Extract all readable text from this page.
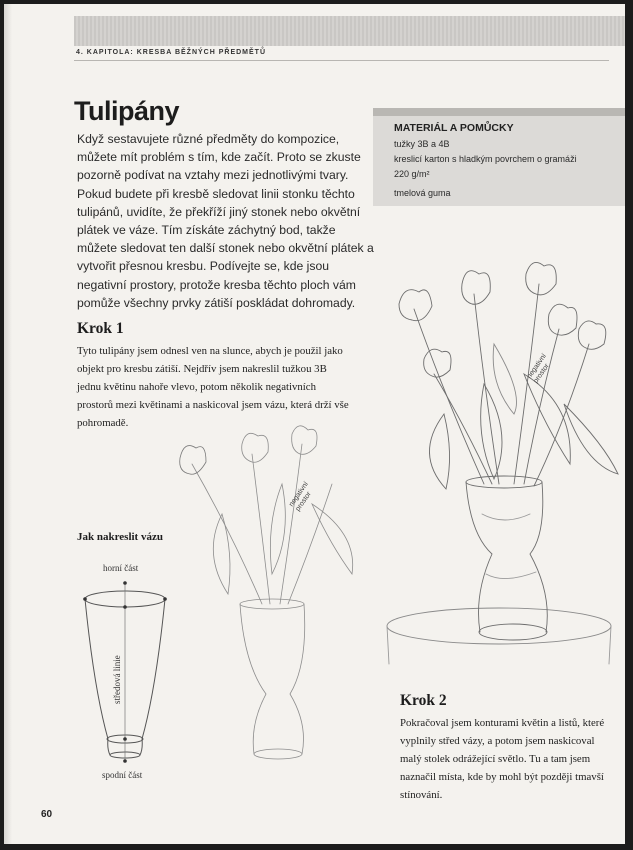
4. KAPITOLA: KRESBA BĚŽNÝCH PŘEDMĚTŮ
Tulipány

Když sestavujete různé předměty do kompozice, můžete mít problém s tím, kde začít. Proto se zkuste pozorně podívat na vztahy mezi jednotlivými tvary. Pokud budete při kresbě sledovat linii stonku těchto tulipánů, uvidíte, že překříží jiný stonek nebo okvětní plátek ve váze. Tím získáte záchytný bod, takže můžete sledovat ten další stonek nebo okvětní plátek a vytvořit přesnou kresbu. Podívejte se, kde jsou negativní prostory, protože kresba těchto ploch vám pomůže všechny prvky zátiší poskládat dohromady.

MATERIÁL A POMŮCKY
tužky 3B a 4B
kreslicí karton s hladkým povrchem o gramáži
220 g/m²
tmelová guma
negativní
prostor
negativní
prostor
Krok 1

Tyto tulipány jsem odnesl ven na slunce, abych je použil jako objekt pro kresbu zátiší. Nejdřív jsem nakreslil tužkou 3B jednu květinu nahoře vlevo, potom několik negativních prostorů mezi květinami a naskicoval jsem vázu, která drží vše pohromadě.

Jak nakreslit vázu
horní část
středová linie
spodní část
Krok 2

Pokračoval jsem konturami květin a listů, které vyplnily střed vázy, a potom jsem naskicoval malý stolek odrážející světlo. Tu a tam jsem naznačil místa, kde by mohl být později tmavší stínování.

60
